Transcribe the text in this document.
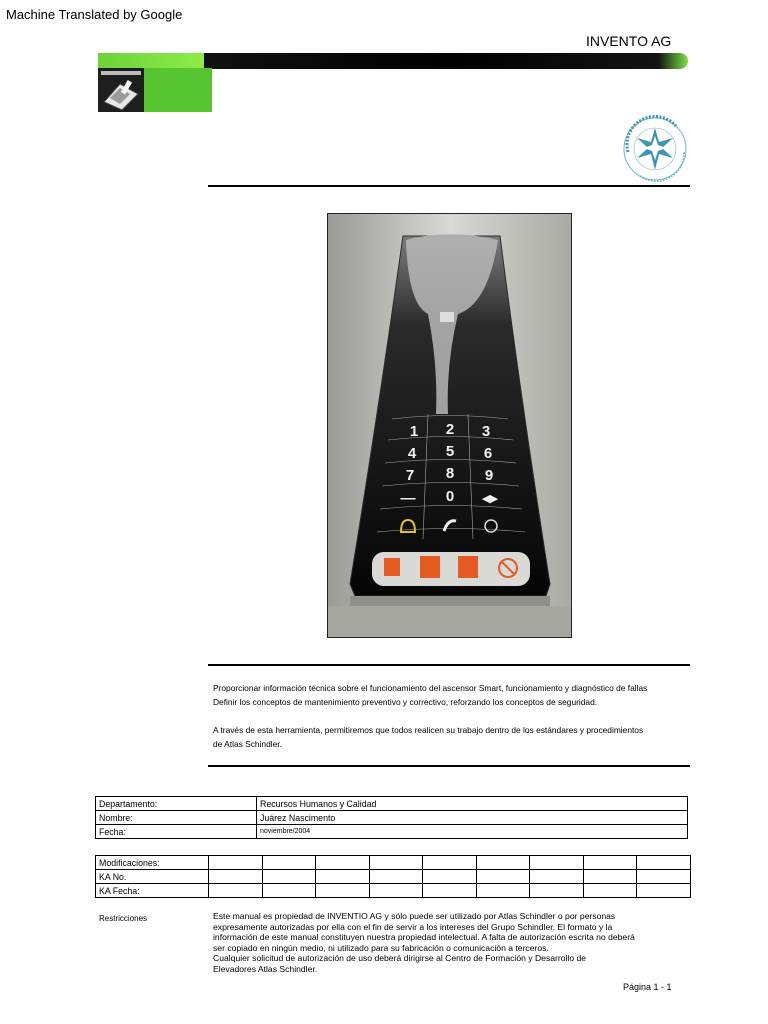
Machine Translated by Google
INVENTO AG
1 2 3
4 5 6
7 8 9
— 0 ◂▸
Proporcionar información técnica sobre el funcionamiento del ascensor Smart, funcionamiento y diagnóstico de fallas
Definir los conceptos de mantenimiento preventivo y correctivo, reforzando los conceptos de seguridad.
A través de esta herramienta, permitiremos que todos realicen su trabajo dentro de los estándares y procedimientos
de Atlas Schindler.
Departamento:	Recursos Humanos y Calidad
Nombre:	Juárez Nascimento
Fecha:	noviembre/2004
Modificaciones:									
KA No.									
KA Fecha:									
Restricciones	Este manual es propiedad de INVENTIO AG y sólo puede ser utilizado por Atlas Schindler o por personas
expresamente autorizadas por ella con el fin de servir a los intereses del Grupo Schindler. El formato y la
información de este manual constituyen nuestra propiedad intelectual. A falta de autorización escrita no deberá
ser copiado en ningún medio, ni utilizado para su fabricación o comunicación a terceros.
Cualquier solicitud de autorización de uso deberá dirigirse al Centro de Formación y Desarrollo de
Elevadores Atlas Schindler.
Página 1 - 1
